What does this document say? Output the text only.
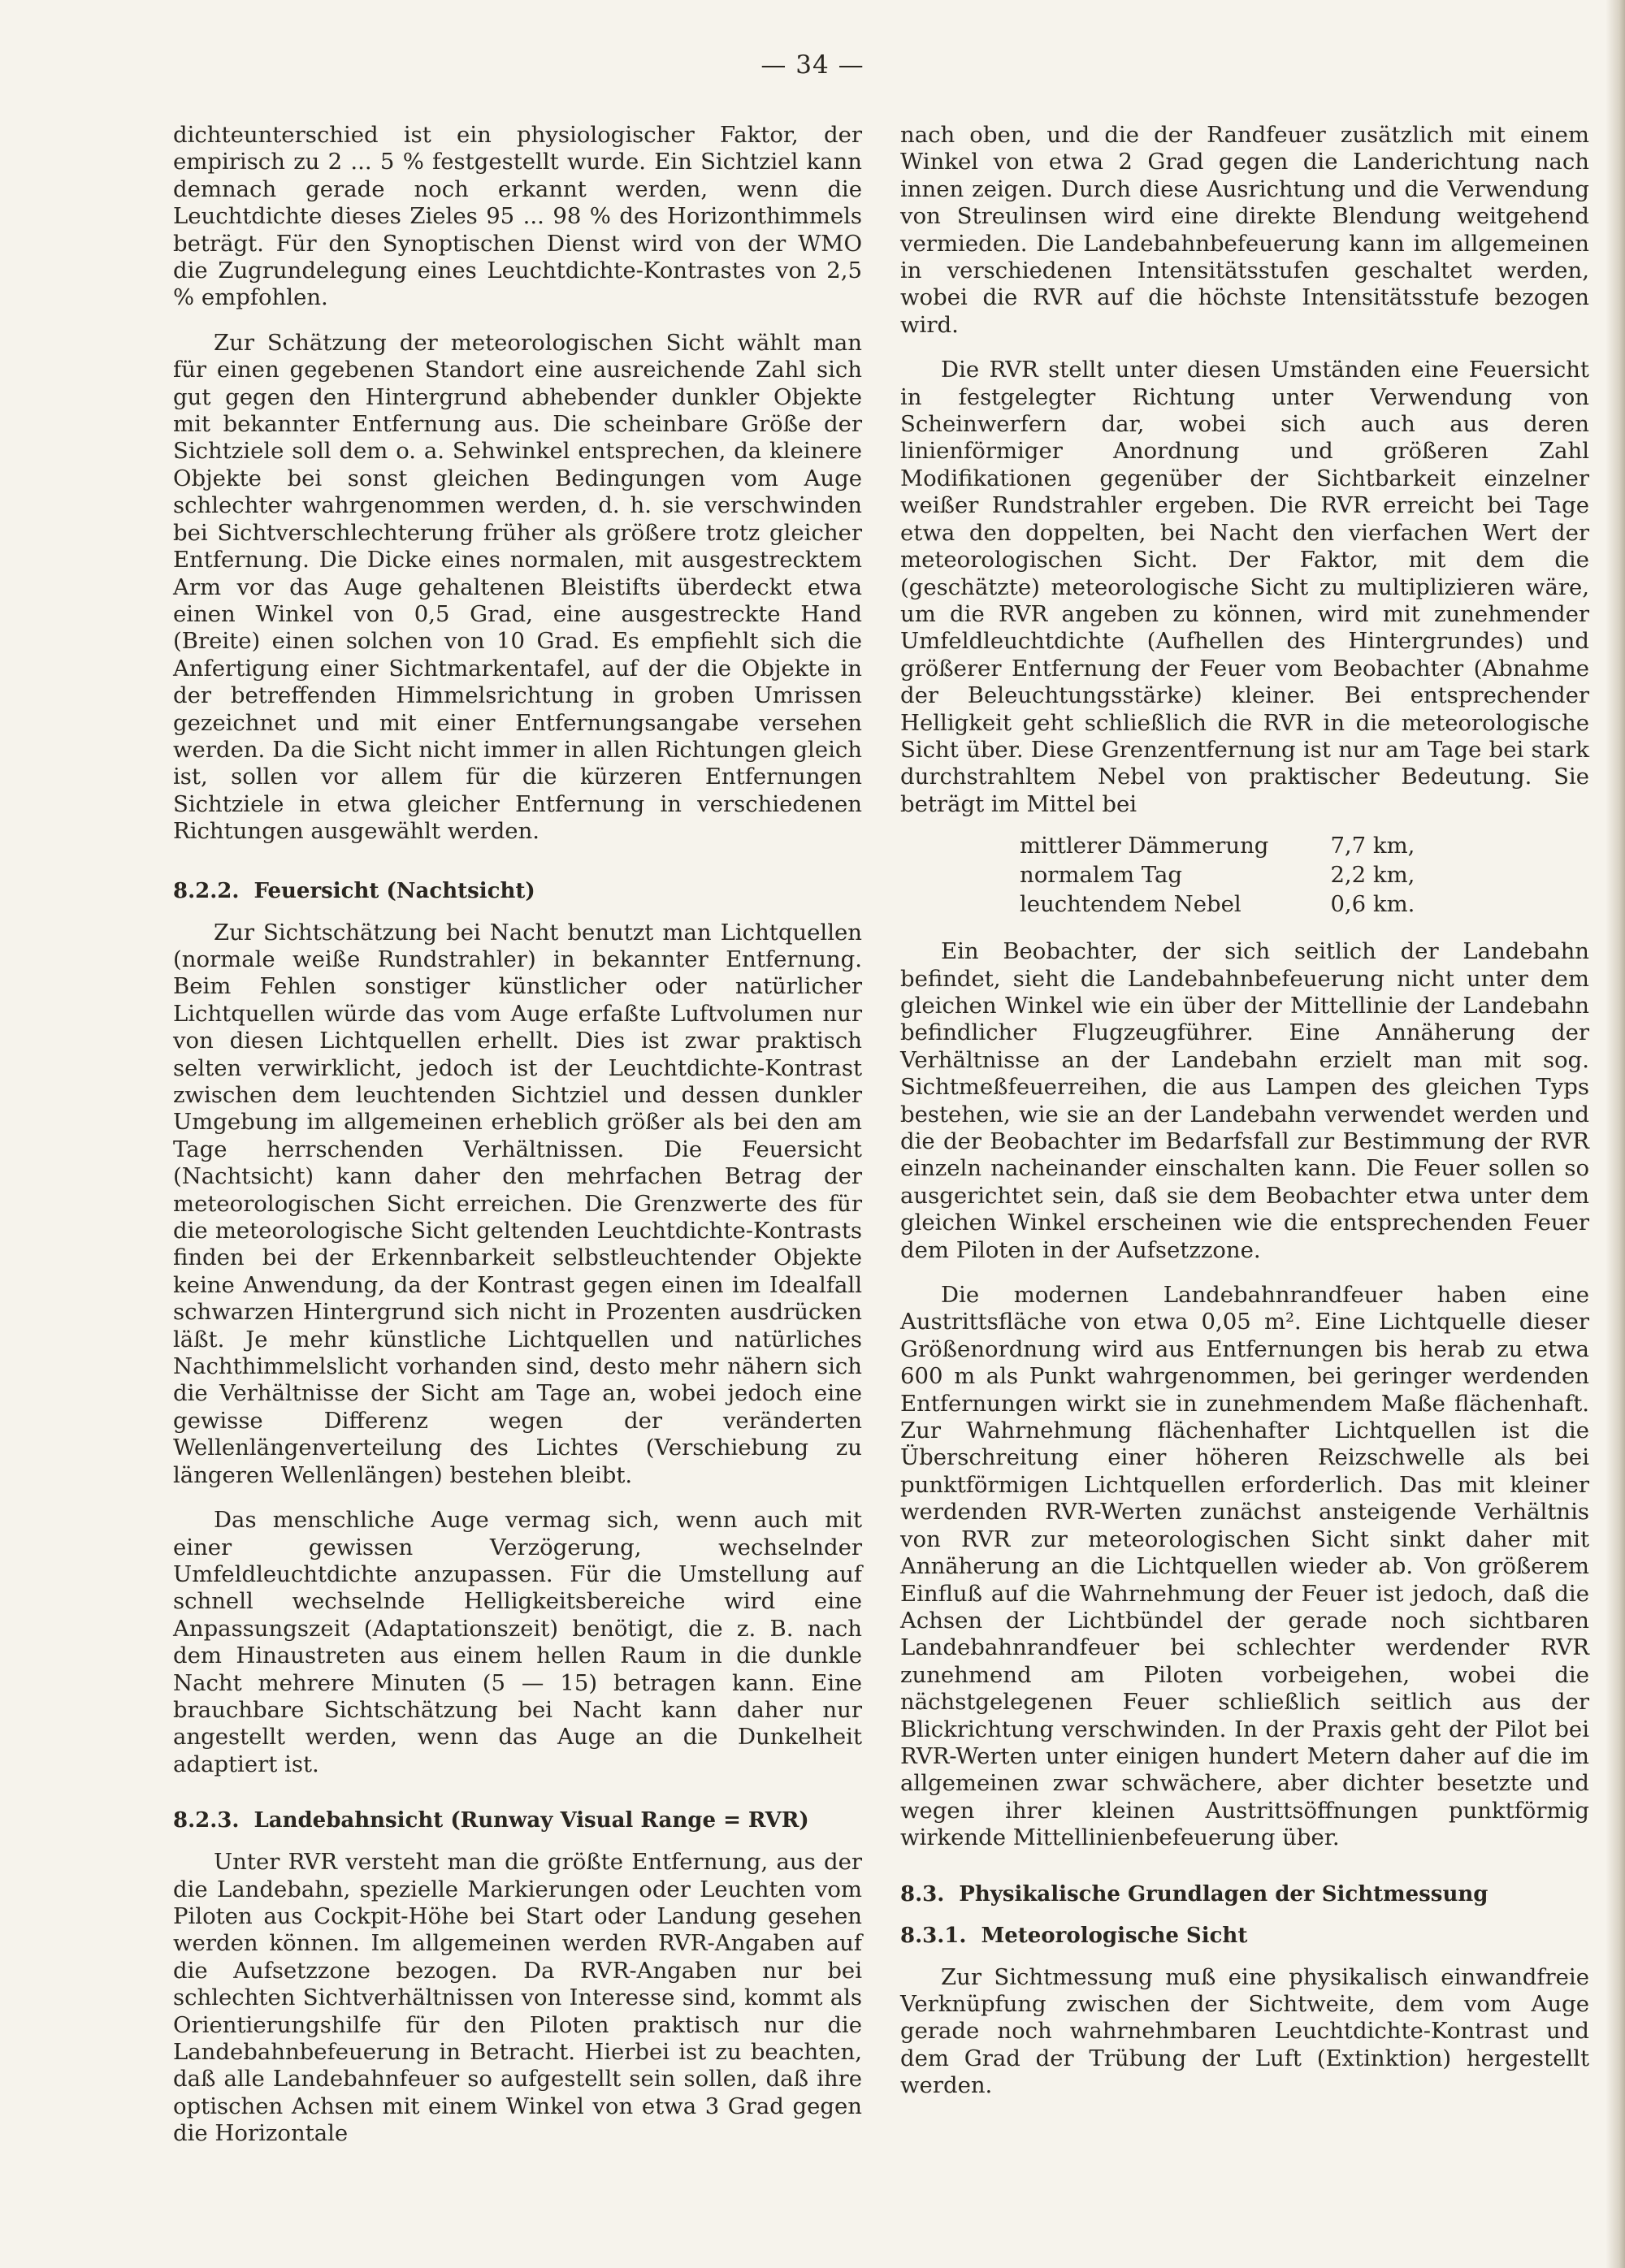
— 34 —

dichteunterschied ist ein physiologischer Faktor, der empirisch zu 2 ... 5 % festgestellt wurde. Ein Sichtziel kann demnach gerade noch erkannt werden, wenn die Leuchtdichte dieses Zieles 95 ... 98 % des Horizonthimmels beträgt. Für den Synoptischen Dienst wird von der WMO die Zugrundelegung eines Leuchtdichte-Kontrastes von 2,5 % empfohlen.

Zur Schätzung der meteorologischen Sicht wählt man für einen gegebenen Standort eine ausreichende Zahl sich gut gegen den Hintergrund abhebender dunkler Objekte mit bekannter Entfernung aus. Die scheinbare Größe der Sichtziele soll dem o. a. Sehwinkel entsprechen, da kleinere Objekte bei sonst gleichen Bedingungen vom Auge schlechter wahrgenommen werden, d. h. sie verschwinden bei Sichtverschlechterung früher als größere trotz gleicher Entfernung. Die Dicke eines normalen, mit ausgestrecktem Arm vor das Auge gehaltenen Bleistifts überdeckt etwa einen Winkel von 0,5 Grad, eine ausgestreckte Hand (Breite) einen solchen von 10 Grad. Es empfiehlt sich die Anfertigung einer Sichtmarkentafel, auf der die Objekte in der betreffenden Himmelsrichtung in groben Umrissen gezeichnet und mit einer Entfernungsangabe versehen werden. Da die Sicht nicht immer in allen Richtungen gleich ist, sollen vor allem für die kürzeren Entfernungen Sichtziele in etwa gleicher Entfernung in verschiedenen Richtungen ausgewählt werden.

8.2.2. Feuersicht (Nachtsicht)

Zur Sichtschätzung bei Nacht benutzt man Lichtquellen (normale weiße Rundstrahler) in bekannter Entfernung. Beim Fehlen sonstiger künstlicher oder natürlicher Lichtquellen würde das vom Auge erfaßte Luftvolumen nur von diesen Lichtquellen erhellt. Dies ist zwar praktisch selten verwirklicht, jedoch ist der Leuchtdichte-Kontrast zwischen dem leuchtenden Sichtziel und dessen dunkler Umgebung im allgemeinen erheblich größer als bei den am Tage herrschenden Verhältnissen. Die Feuersicht (Nachtsicht) kann daher den mehrfachen Betrag der meteorologischen Sicht erreichen. Die Grenzwerte des für die meteorologische Sicht geltenden Leuchtdichte-Kontrasts finden bei der Erkennbarkeit selbstleuchtender Objekte keine Anwendung, da der Kontrast gegen einen im Idealfall schwarzen Hintergrund sich nicht in Prozenten ausdrücken läßt. Je mehr künstliche Lichtquellen und natürliches Nachthimmelslicht vorhanden sind, desto mehr nähern sich die Verhältnisse der Sicht am Tage an, wobei jedoch eine gewisse Differenz wegen der veränderten Wellenlängenverteilung des Lichtes (Verschiebung zu längeren Wellenlängen) bestehen bleibt.

Das menschliche Auge vermag sich, wenn auch mit einer gewissen Verzögerung, wechselnder Umfeldleuchtdichte anzupassen. Für die Umstellung auf schnell wechselnde Helligkeitsbereiche wird eine Anpassungszeit (Adaptationszeit) benötigt, die z. B. nach dem Hinaustreten aus einem hellen Raum in die dunkle Nacht mehrere Minuten (5 — 15) betragen kann. Eine brauchbare Sichtschätzung bei Nacht kann daher nur angestellt werden, wenn das Auge an die Dunkelheit adaptiert ist.

8.2.3. Landebahnsicht (Runway Visual Range = RVR)

Unter RVR versteht man die größte Entfernung, aus der die Landebahn, spezielle Markierungen oder Leuchten vom Piloten aus Cockpit-Höhe bei Start oder Landung gesehen werden können. Im allgemeinen werden RVR-Angaben auf die Aufsetzzone bezogen. Da RVR-Angaben nur bei schlechten Sichtverhältnissen von Interesse sind, kommt als Orientierungshilfe für den Piloten praktisch nur die Landebahnbefeuerung in Betracht. Hierbei ist zu beachten, daß alle Landebahnfeuer so aufgestellt sein sollen, daß ihre optischen Achsen mit einem Winkel von etwa 3 Grad gegen die Horizontale

nach oben, und die der Randfeuer zusätzlich mit einem Winkel von etwa 2 Grad gegen die Landerichtung nach innen zeigen. Durch diese Ausrichtung und die Verwendung von Streulinsen wird eine direkte Blendung weitgehend vermieden. Die Landebahnbefeuerung kann im allgemeinen in verschiedenen Intensitätsstufen geschaltet werden, wobei die RVR auf die höchste Intensitätsstufe bezogen wird.

Die RVR stellt unter diesen Umständen eine Feuersicht in festgelegter Richtung unter Verwendung von Scheinwerfern dar, wobei sich auch aus deren linienförmiger Anordnung und größeren Zahl Modifikationen gegenüber der Sichtbarkeit einzelner weißer Rundstrahler ergeben. Die RVR erreicht bei Tage etwa den doppelten, bei Nacht den vierfachen Wert der meteorologischen Sicht. Der Faktor, mit dem die (geschätzte) meteorologische Sicht zu multiplizieren wäre, um die RVR angeben zu können, wird mit zunehmender Umfeldleuchtdichte (Aufhellen des Hintergrundes) und größerer Entfernung der Feuer vom Beobachter (Abnahme der Beleuchtungsstärke) kleiner. Bei entsprechender Helligkeit geht schließlich die RVR in die meteorologische Sicht über. Diese Grenzentfernung ist nur am Tage bei stark durchstrahltem Nebel von praktischer Bedeutung. Sie beträgt im Mittel bei

mittlerer Dämmerung	7,7 km,
normalem Tag	2,2 km,
leuchtendem Nebel	0,6 km.

Ein Beobachter, der sich seitlich der Landebahn befindet, sieht die Landebahnbefeuerung nicht unter dem gleichen Winkel wie ein über der Mittellinie der Landebahn befindlicher Flugzeugführer. Eine Annäherung der Verhältnisse an der Landebahn erzielt man mit sog. Sichtmeßfeuerreihen, die aus Lampen des gleichen Typs bestehen, wie sie an der Landebahn verwendet werden und die der Beobachter im Bedarfsfall zur Bestimmung der RVR einzeln nacheinander einschalten kann. Die Feuer sollen so ausgerichtet sein, daß sie dem Beobachter etwa unter dem gleichen Winkel erscheinen wie die entsprechenden Feuer dem Piloten in der Aufsetzzone.

Die modernen Landebahnrandfeuer haben eine Austrittsfläche von etwa 0,05 m². Eine Lichtquelle dieser Größenordnung wird aus Entfernungen bis herab zu etwa 600 m als Punkt wahrgenommen, bei geringer werdenden Entfernungen wirkt sie in zunehmendem Maße flächenhaft. Zur Wahrnehmung flächenhafter Lichtquellen ist die Überschreitung einer höheren Reizschwelle als bei punktförmigen Lichtquellen erforderlich. Das mit kleiner werdenden RVR-Werten zunächst ansteigende Verhältnis von RVR zur meteorologischen Sicht sinkt daher mit Annäherung an die Lichtquellen wieder ab. Von größerem Einfluß auf die Wahrnehmung der Feuer ist jedoch, daß die Achsen der Lichtbündel der gerade noch sichtbaren Landebahnrandfeuer bei schlechter werdender RVR zunehmend am Piloten vorbeigehen, wobei die nächstgelegenen Feuer schließlich seitlich aus der Blickrichtung verschwinden. In der Praxis geht der Pilot bei RVR-Werten unter einigen hundert Metern daher auf die im allgemeinen zwar schwächere, aber dichter besetzte und wegen ihrer kleinen Austrittsöffnungen punktförmig wirkende Mittellinienbefeuerung über.

8.3. Physikalische Grundlagen der Sichtmessung
8.3.1. Meteorologische Sicht

Zur Sichtmessung muß eine physikalisch einwandfreie Verknüpfung zwischen der Sichtweite, dem vom Auge gerade noch wahrnehmbaren Leuchtdichte-Kontrast und dem Grad der Trübung der Luft (Extinktion) hergestellt werden.
